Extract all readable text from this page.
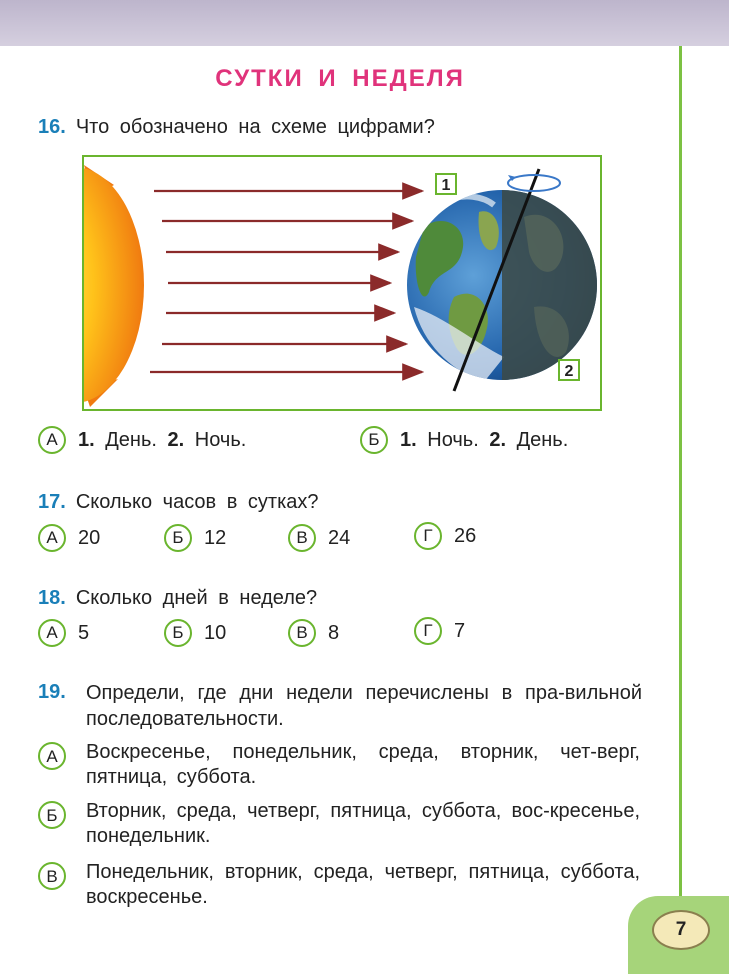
7
СУТКИ И НЕДЕЛЯ
16. Что обозначено на схеме цифрами?
1
2
А	1. День. 2. Ночь.	Б	1. Ночь. 2. День.
17. Сколько часов в сутках?
А	20	Б	12	В	24	Г	26
18. Сколько дней в неделе?
А	5	Б	10	В	8	Г	7
19. Определи, где дни недели перечислены в пра-вильной последовательности.
А	Воскресенье, понедельник, среда, вторник, чет-верг, пятница, суббота.
Б	Вторник, среда, четверг, пятница, суббота, вос-кресенье, понедельник.
В	Понедельник, вторник, среда, четверг, пятница, суббота, воскресенье.
